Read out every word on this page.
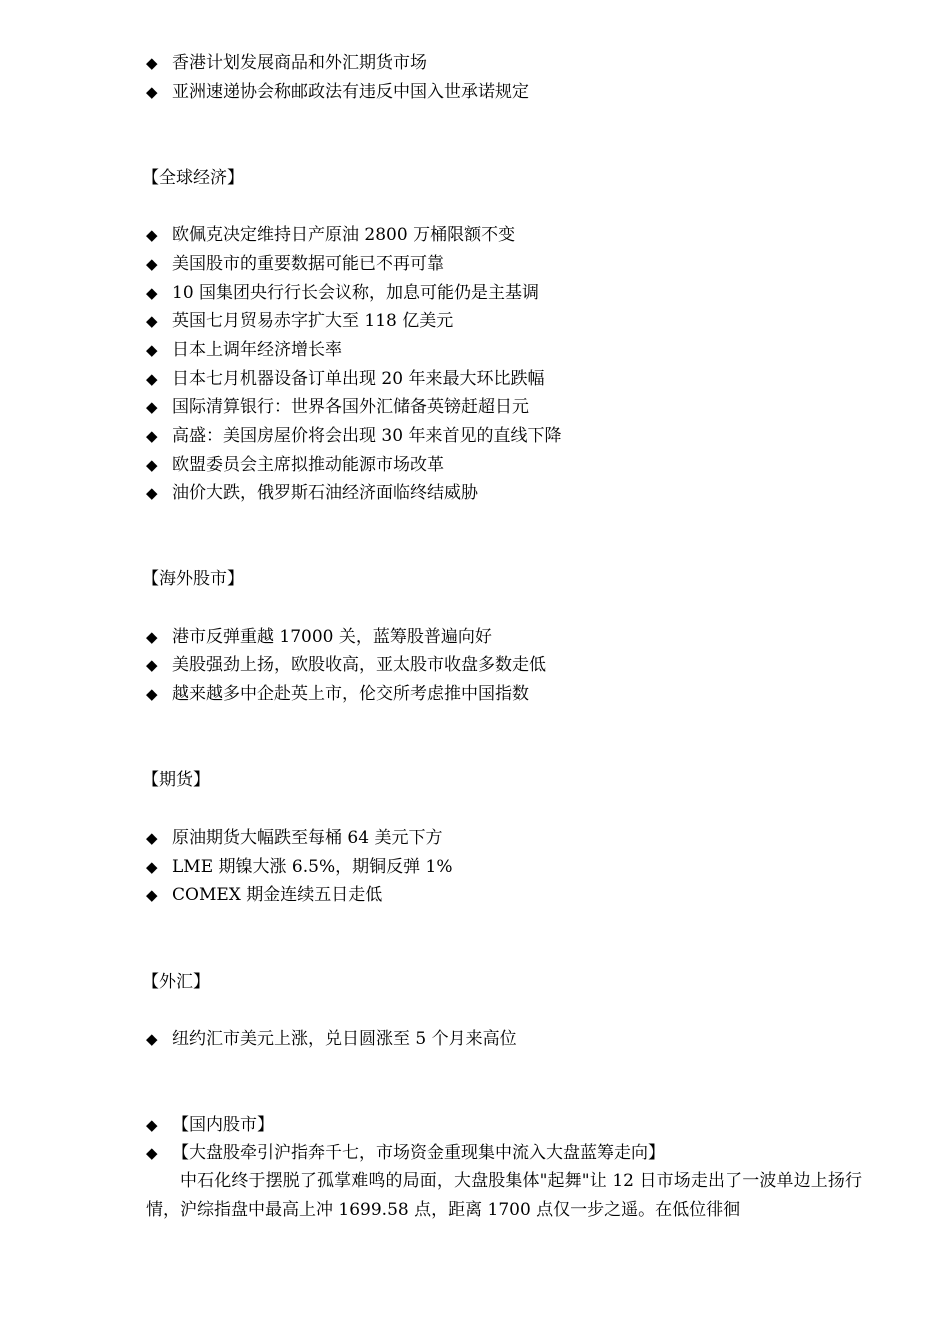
◆ 香港计划发展商品和外汇期货市场
◆ 亚洲速递协会称邮政法有违反中国入世承诺规定
【全球经济】
◆ 欧佩克决定维持日产原油 2800 万桶限额不变
◆ 美国股市的重要数据可能已不再可靠
◆ 10 国集团央行行长会议称，加息可能仍是主基调
◆ 英国七月贸易赤字扩大至 118 亿美元
◆ 日本上调年经济增长率
◆ 日本七月机器设备订单出现 20 年来最大环比跌幅
◆ 国际清算银行：世界各国外汇储备英镑赶超日元
◆ 高盛：美国房屋价将会出现 30 年来首见的直线下降
◆ 欧盟委员会主席拟推动能源市场改革
◆ 油价大跌，俄罗斯石油经济面临终结威胁
【海外股市】
◆ 港市反弹重越 17000 关，蓝筹股普遍向好
◆ 美股强劲上扬，欧股收高，亚太股市收盘多数走低
◆ 越来越多中企赴英上市，伦交所考虑推中国指数
【期货】
◆ 原油期货大幅跌至每桶 64 美元下方
◆ LME 期镍大涨 6.5%，期铜反弹 1%
◆ COMEX 期金连续五日走低
【外汇】
◆ 纽约汇市美元上涨，兑日圆涨至 5 个月来高位
◆ 【国内股市】
◆ 【大盘股牵引沪指奔千七，市场资金重现集中流入大盘蓝筹走向】
中石化终于摆脱了孤掌难鸣的局面，大盘股集体"起舞"让 12 日市场走出了一波单边上扬行情，沪综指盘中最高上冲 1699.58 点，距离 1700 点仅一步之遥。在低位徘徊
